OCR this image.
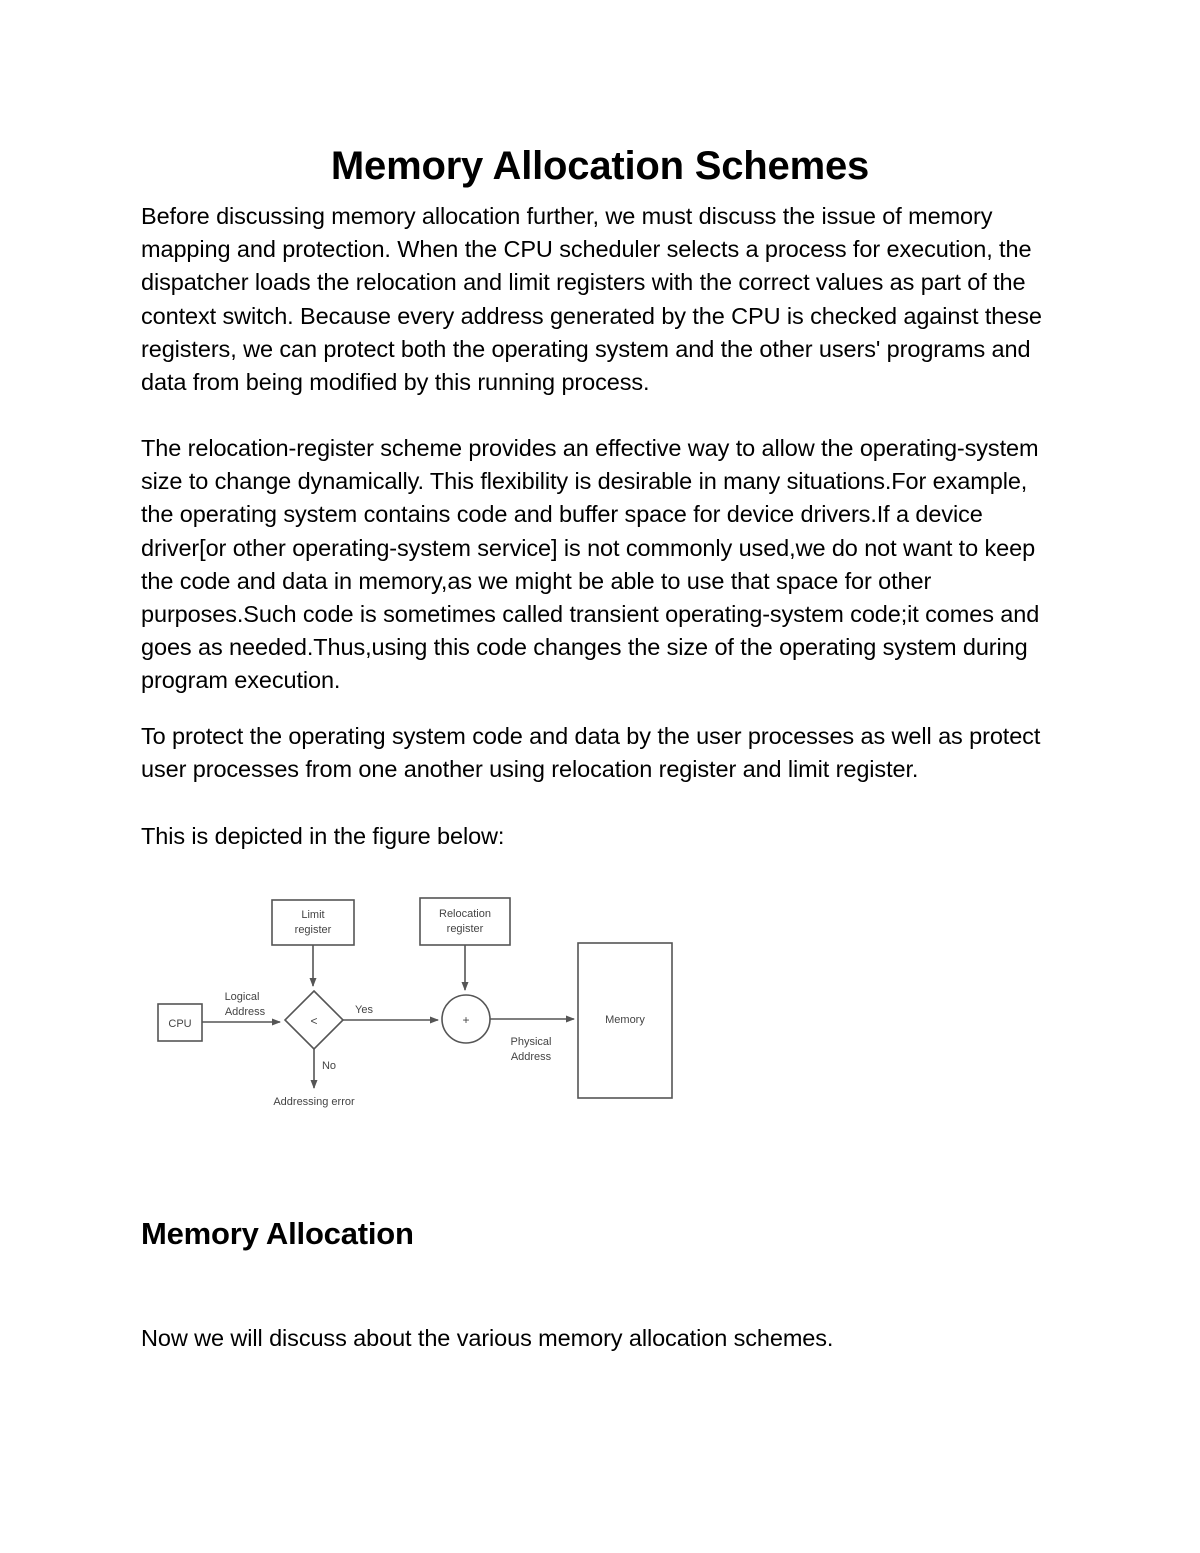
Memory Allocation Schemes

Before discussing memory allocation further, we must discuss the issue of memory mapping and protection. When the CPU scheduler selects a process for execution, the dispatcher loads the relocation and limit registers with the correct values as part of the context switch. Because every address generated by the CPU is checked against these registers, we can protect both the operating system and the other users' programs and data from being modified by this running process.

The relocation-register scheme provides an effective way to allow the operating-system size to change dynamically. This flexibility is desirable in many situations.For example, the operating system contains code and buffer space for device drivers.If a device driver[or other operating-system service] is not commonly used,we do not want to keep the code and data in memory,as we might be able to use that space for other purposes.Such code is sometimes called transient operating-system code;it comes and goes as needed.Thus,using this code changes the size of the operating system during program execution.

To protect the operating system code and data by the user processes as well as protect user processes from one another using relocation register and limit register.

This is depicted in the figure below:

Memory Allocation

Now we will discuss about the various memory allocation schemes.

Limit
register
Relocation
register
CPU	<	+	Memory
Logical
Address	Yes
No
Addressing error
Physical
Address
